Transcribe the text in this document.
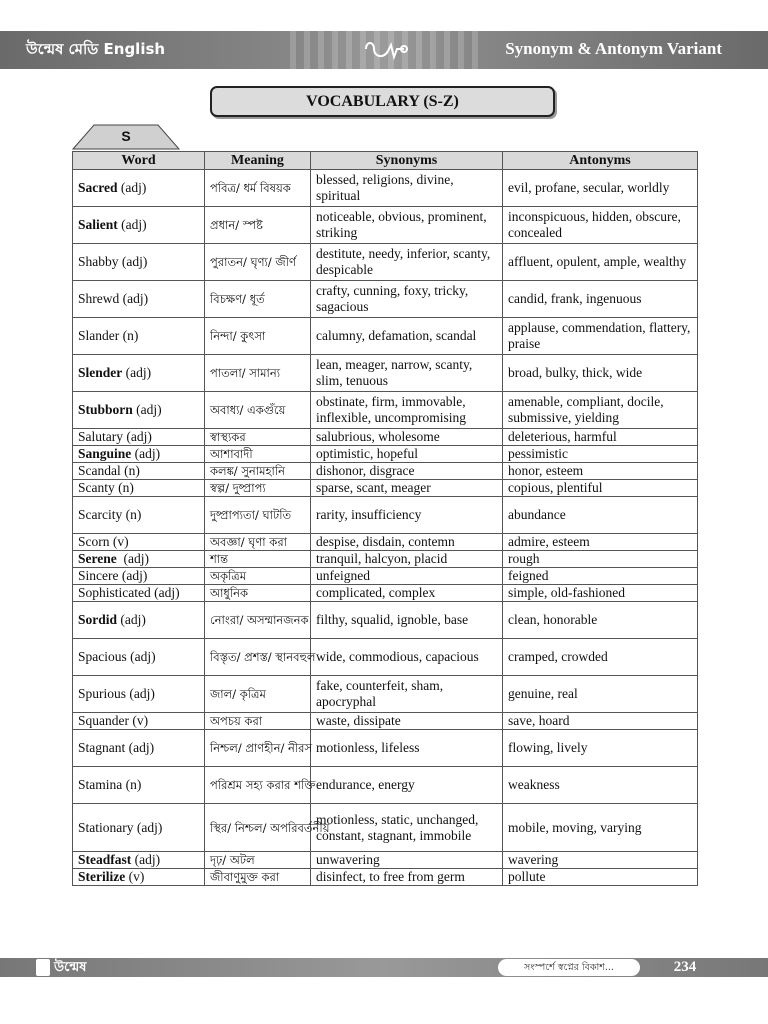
উন্মেষ মেডি English	Synonym & Antonym Variant
VOCABULARY (S-Z)
S
Word	Meaning	Synonyms	Antonyms
Sacred (adj)	পবিত্র/ ধর্ম বিষয়ক	blessed, religions, divine, spiritual	evil, profane, secular, worldly
Salient (adj)	প্রধান/ স্পষ্ট	noticeable, obvious, prominent, striking	inconspicuous, hidden, obscure, concealed
Shabby (adj)	পুরাতন/ ঘৃণ্য/ জীর্ণ	destitute, needy, inferior, scanty, despicable	affluent, opulent, ample, wealthy
Shrewd (adj)	বিচক্ষণ/ ধূর্ত	crafty, cunning, foxy, tricky, sagacious	candid, frank, ingenuous
Slander (n)	নিন্দা/ কুৎসা	calumny, defamation, scandal	applause, commendation, flattery, praise
Slender (adj)	পাতলা/ সামান্য	lean, meager, narrow, scanty, slim, tenuous	broad, bulky, thick, wide
Stubborn (adj)	অবাধ্য/ একগুঁয়ে	obstinate, firm, immovable, inflexible, uncompromising	amenable, compliant, docile, submissive, yielding
Salutary (adj)	স্বাস্থ্যকর	salubrious, wholesome	deleterious, harmful
Sanguine (adj)	আশাবাদী	optimistic, hopeful	pessimistic
Scandal (n)	কলঙ্ক/ সুনামহানি	dishonor, disgrace	honor, esteem
Scanty (n)	স্বল্প/ দুষ্প্রাপ্য	sparse, scant, meager	copious, plentiful
Scarcity (n)	দুষ্প্রাপ্যতা/ ঘাটতি	rarity, insufficiency	abundance
Scorn (v)	অবজ্ঞা/ ঘৃণা করা	despise, disdain, contemn	admire, esteem
Serene  (adj)	শান্ত	tranquil, halcyon, placid	rough
Sincere (adj)	অকৃত্রিম	unfeigned	feigned
Sophisticated (adj)	আধুনিক	complicated, complex	simple, old-fashioned
Sordid (adj)	নোংরা/ অসম্মানজনক	filthy, squalid, ignoble, base	clean, honorable
Spacious (adj)	বিস্তৃত/ প্রশস্ত/ স্থানবহুল	wide, commodious, capacious	cramped, crowded
Spurious (adj)	জাল/ কৃত্রিম	fake, counterfeit, sham, apocryphal	genuine, real
Squander (v)	অপচয় করা	waste, dissipate	save, hoard
Stagnant (adj)	নিশ্চল/ প্রাণহীন/ নীরস	motionless, lifeless	flowing, lively
Stamina (n)	পরিশ্রম সহ্য করার শক্তি	endurance, energy	weakness
Stationary (adj)	স্থির/ নিশ্চল/ অপরিবর্তনীয়	motionless, static, unchanged, constant, stagnant, immobile	mobile, moving, varying
Steadfast (adj)	দৃঢ়/ অটল	unwavering	wavering
Sterilize (v)	জীবাণুমুক্ত করা	disinfect, to free from germ	pollute
উন্মেষ	সংস্পর্শে স্বপ্নের বিকাশ...	234
